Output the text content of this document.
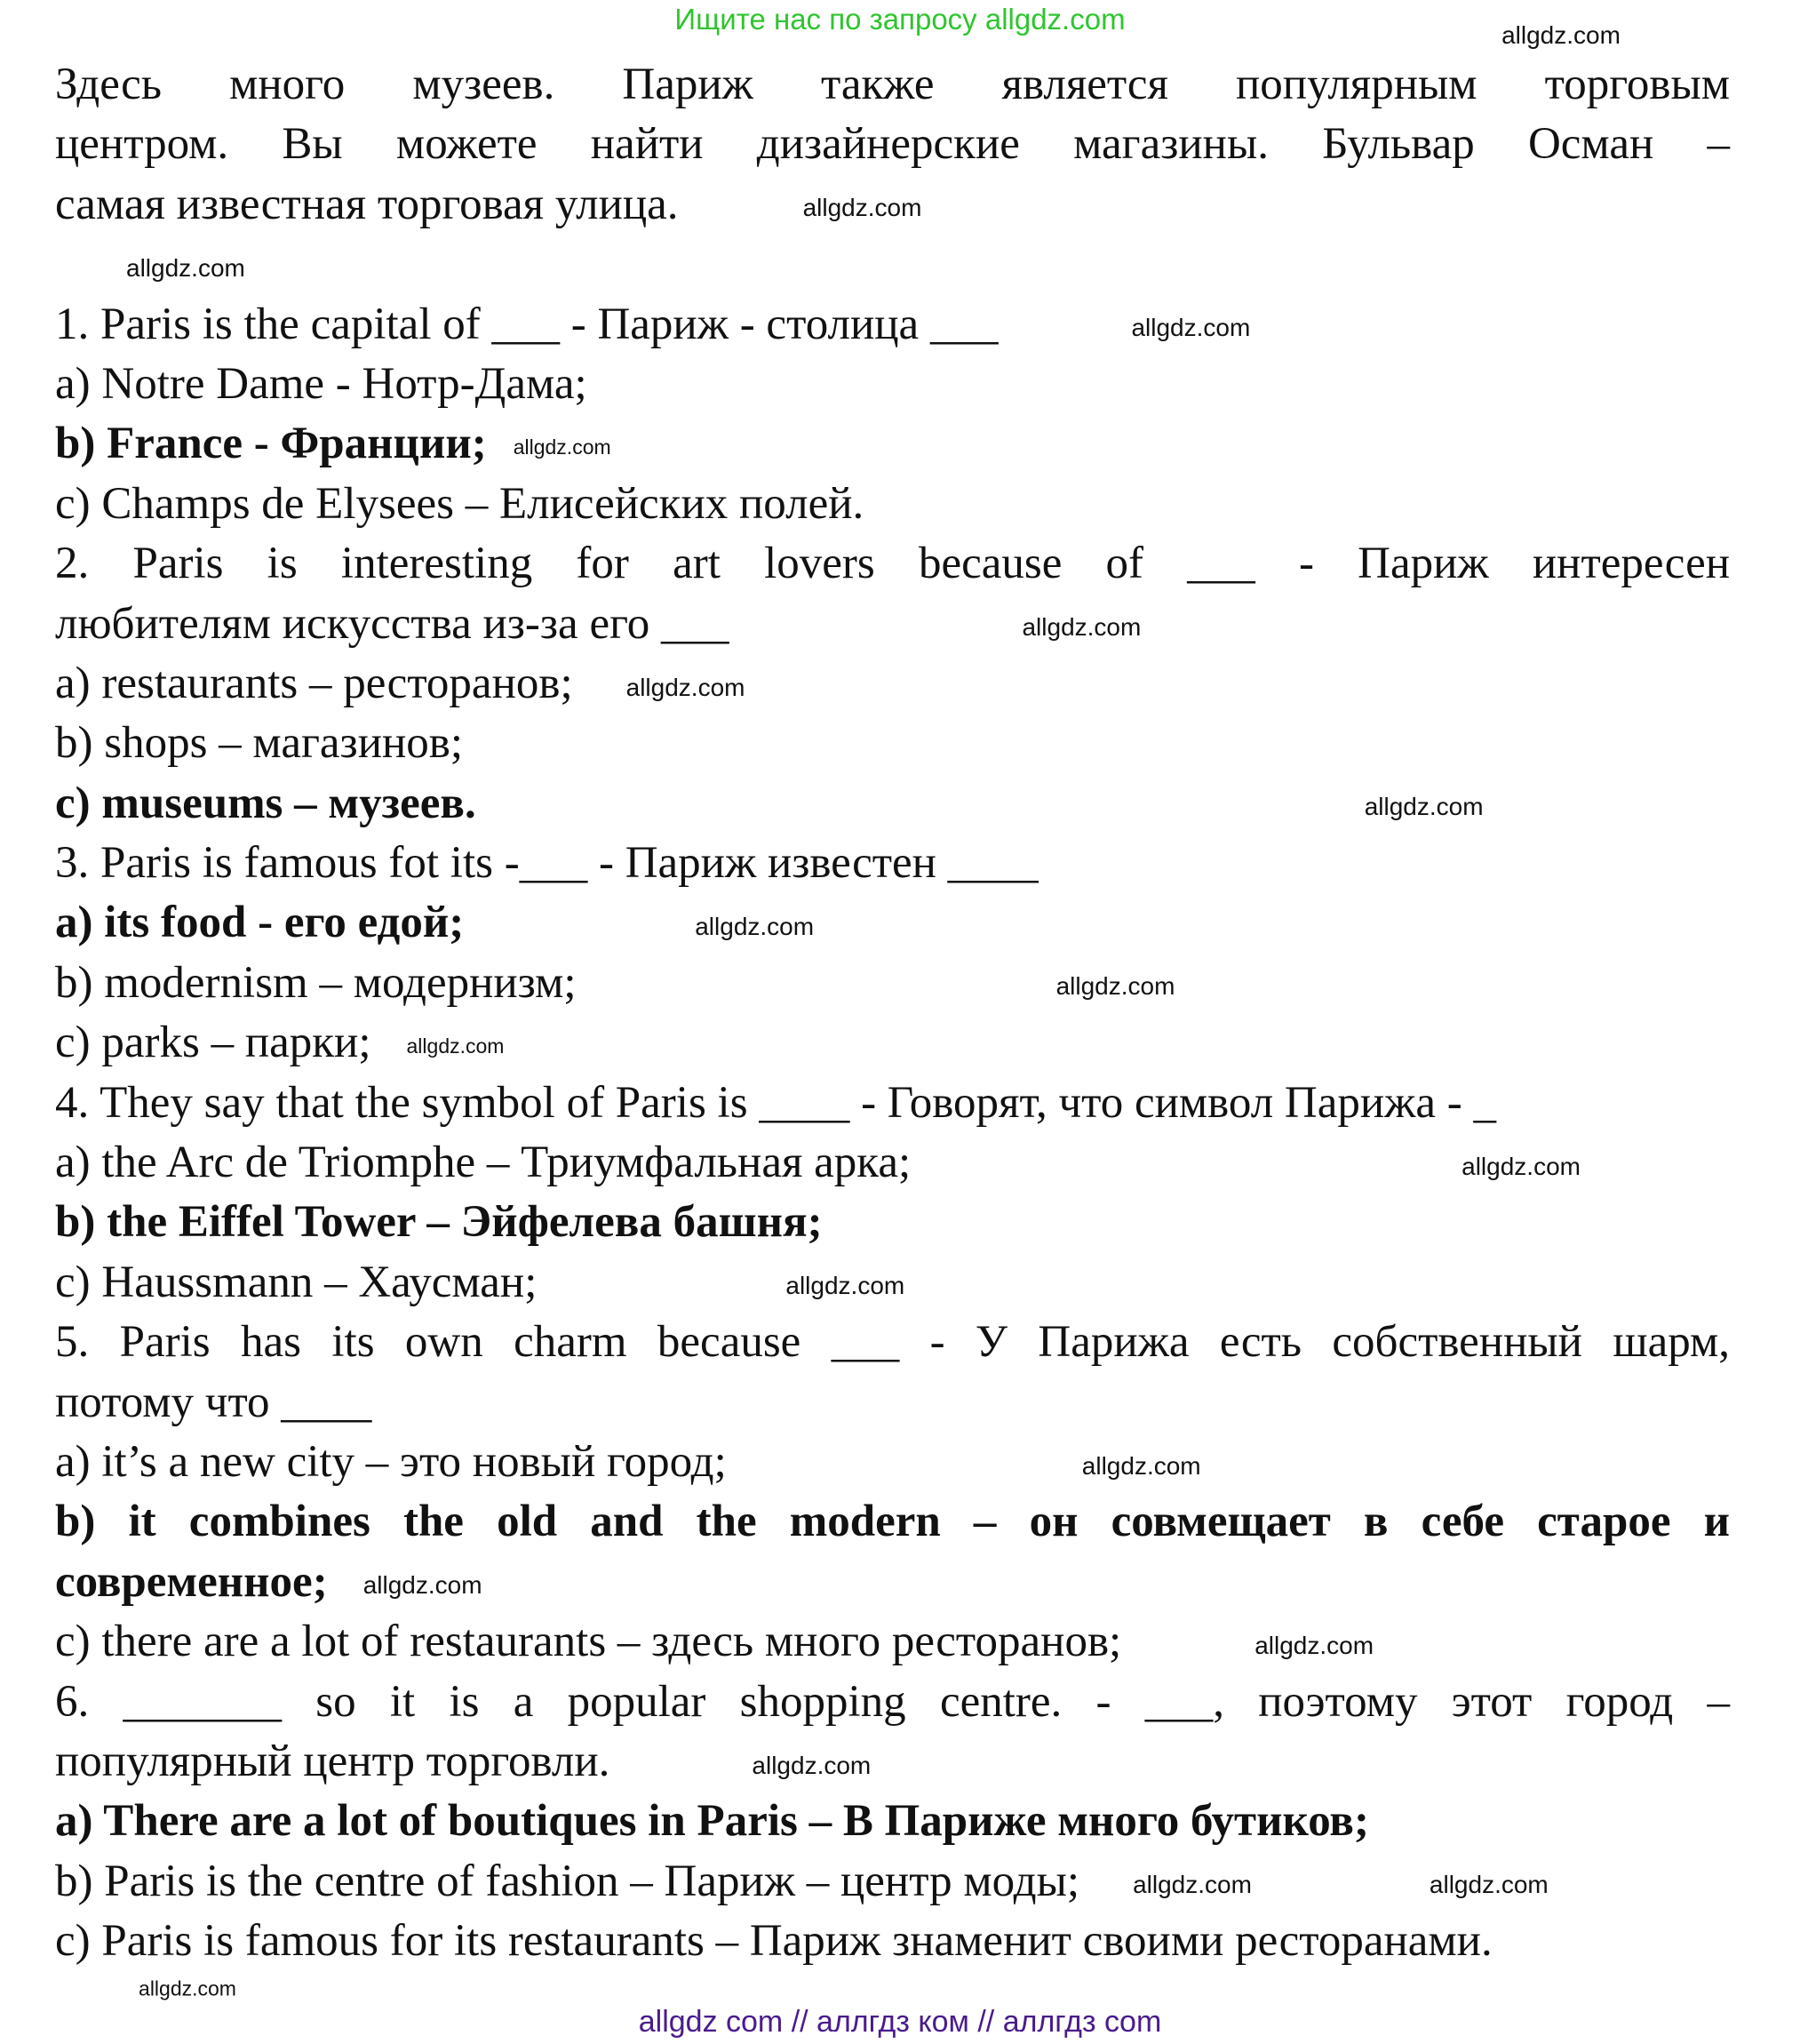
Ищите нас по запросу allgdz.com
Здесь много музеев. Париж также является популярным торговым
центром. Вы можете найти дизайнерские магазины. Бульвар Осман –
самая известная торговая улица.	allgdz.com
allgdz.com
1. Paris is the capital of ___ - Париж - столица ___	allgdz.com
a) Notre Dame - Нотр-Дама;
b) France - Франции; allgdz.com
c) Champs de Elysees – Елисейских полей.
2. Paris is interesting for art lovers because of ___ - Париж интересен
любителям искусства из-за его ___	allgdz.com
a) restaurants – ресторанов; allgdz.com
b) shops – магазинов;
c) museums – музеев.	allgdz.com
3. Paris is famous fot its -___ - Париж известен ____
a) its food - его едой;	allgdz.com
b) modernism – модернизм;	allgdz.com
c) parks – парки; allgdz.com
4. They say that the symbol of Paris is ____ - Говорят, что символ Парижа - _
a) the Arc de Triomphe – Триумфальная арка;	allgdz.com
b) the Eiffel Tower – Эйфелева башня;
c) Haussmann – Хаусман;	allgdz.com
5. Paris has its own charm because ___ - У Парижа есть собственный шарм,
потому что ____
a) it’s a new city – это новый город;	allgdz.com
b) it combines the old and the modern – он совмещает в себе старое и
современное; allgdz.com
c) there are a lot of restaurants – здесь много ресторанов;	allgdz.com
6. _______ so it is a popular shopping centre. - ___, поэтому этот город –
популярный центр торговли.	allgdz.com
a) There are a lot of boutiques in Paris – В Париже много бутиков;
b) Paris is the centre of fashion – Париж – центр моды; allgdz.com	allgdz.com
c) Paris is famous for its restaurants – Париж знаменит своими ресторанами.
allgdz.com
allgdz.com
allgdz com // аллгдз ком // аллгдз com
